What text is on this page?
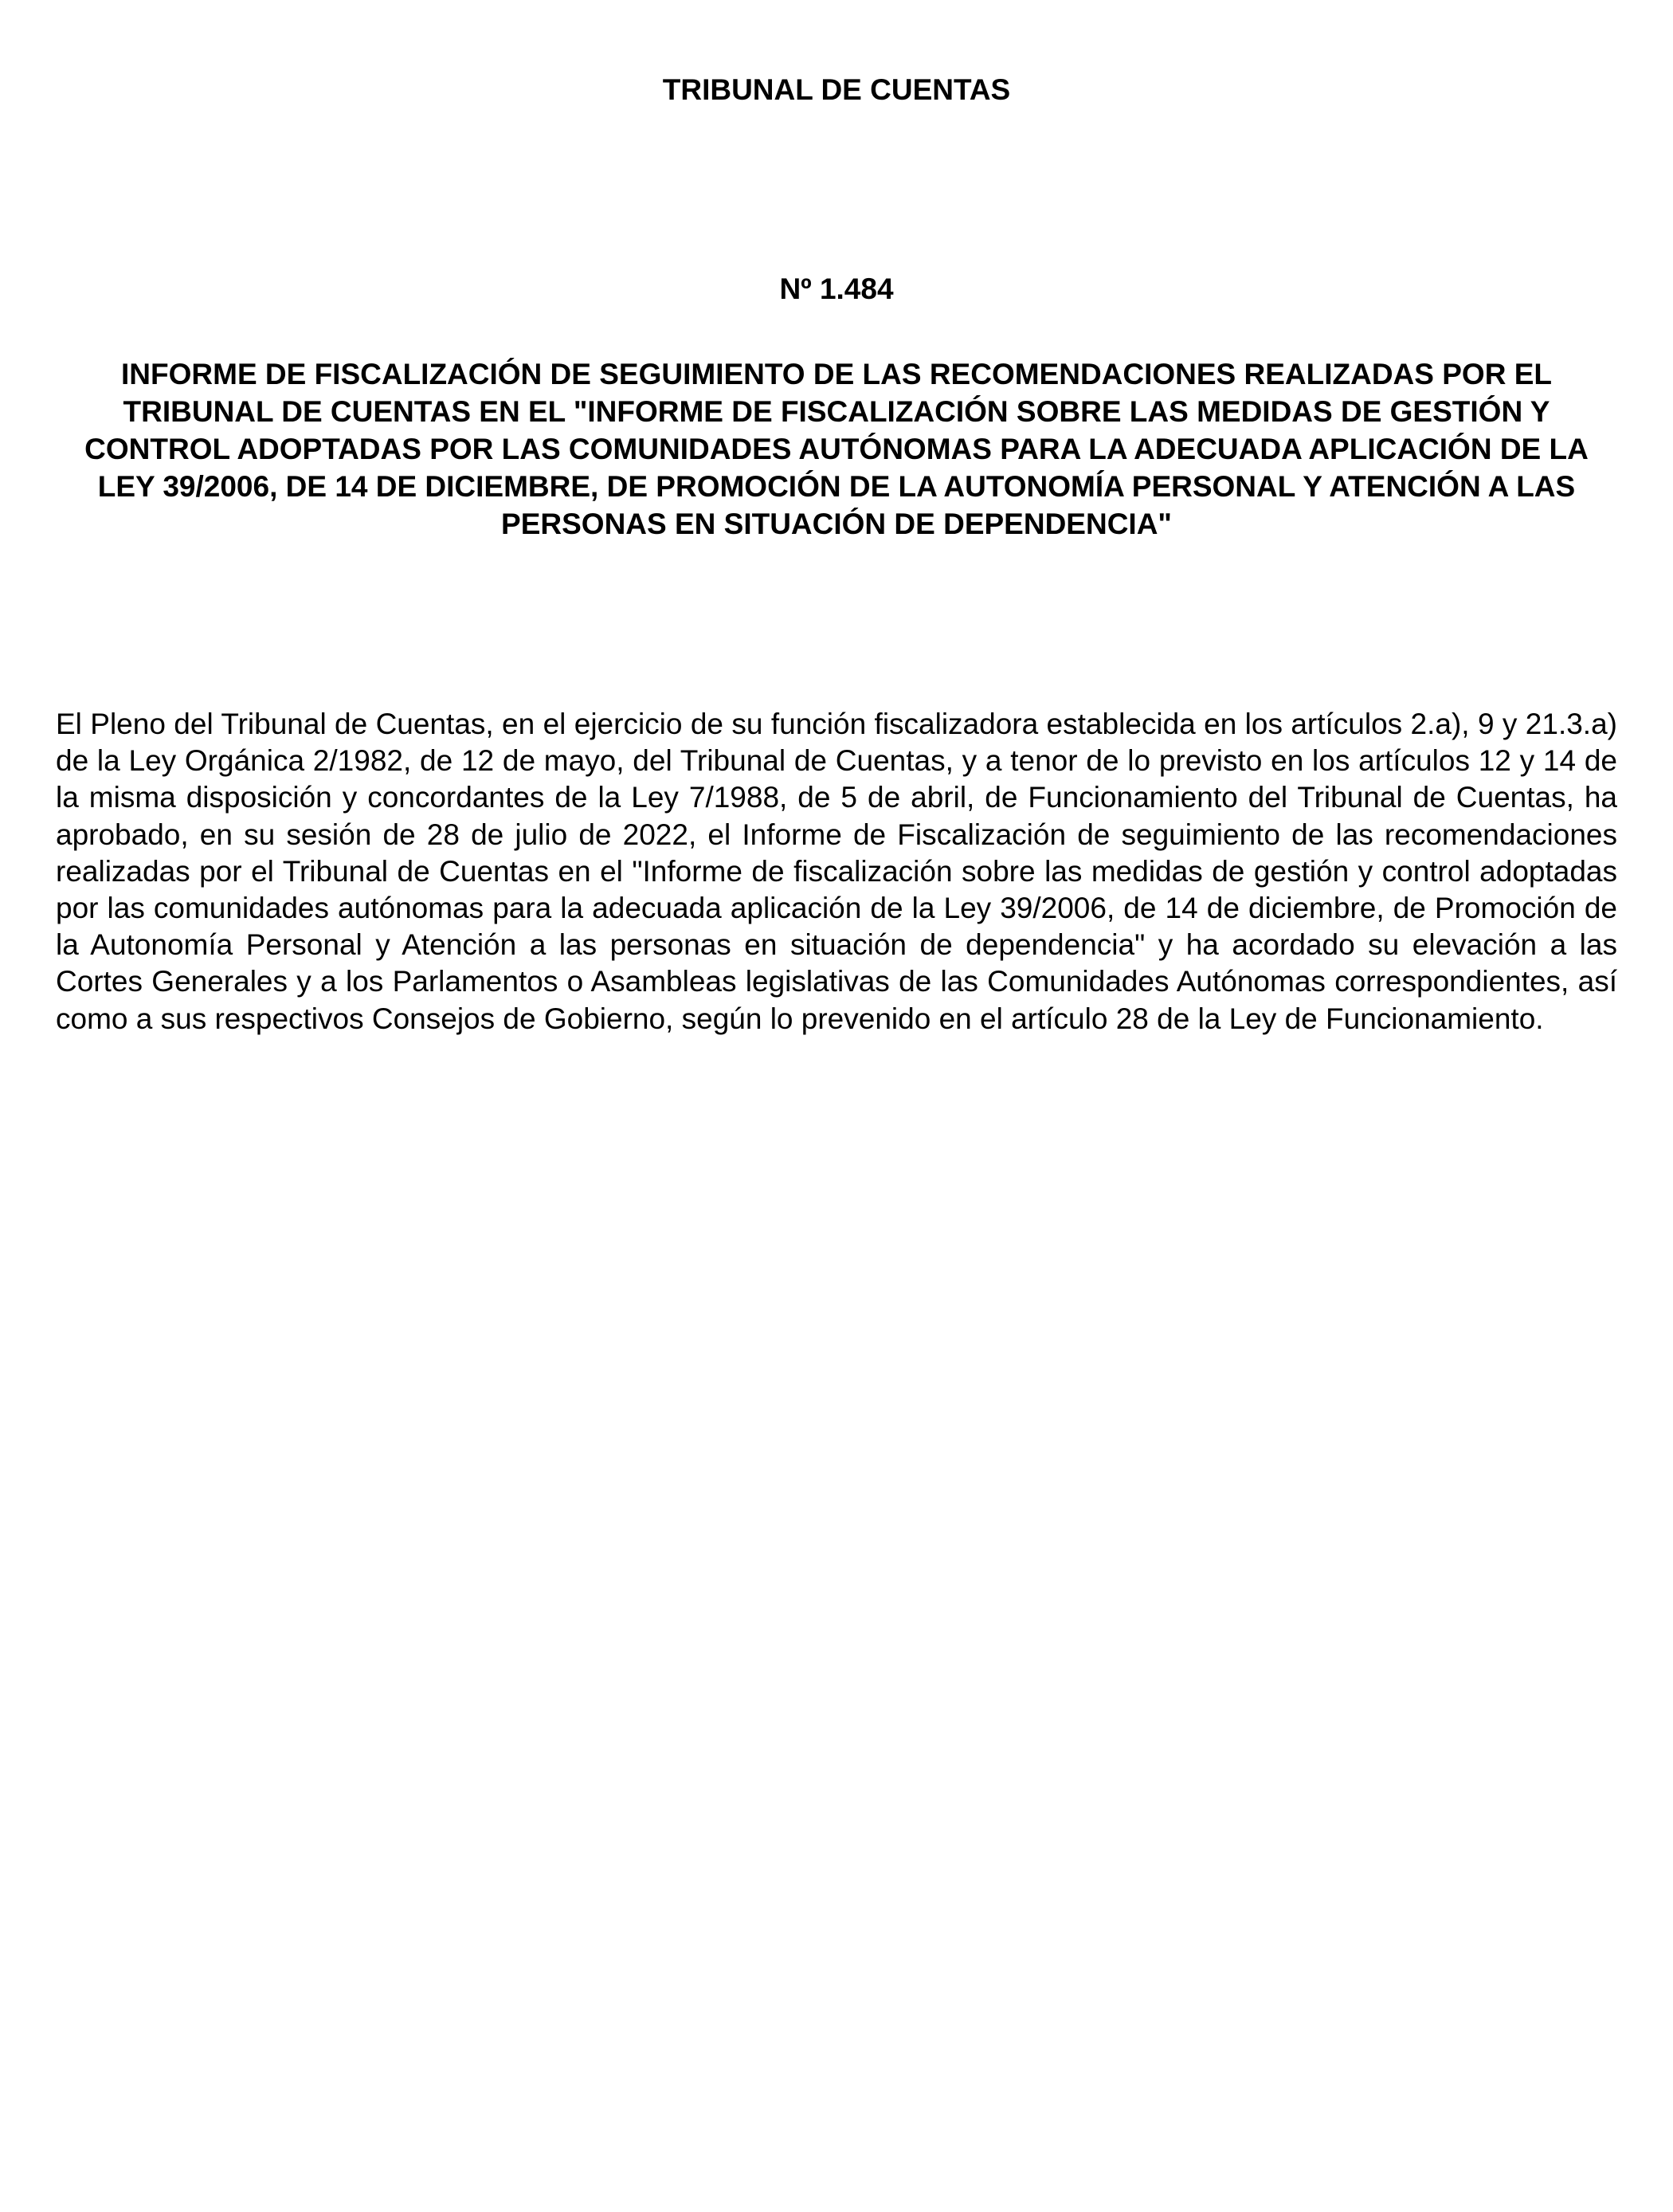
TRIBUNAL DE CUENTAS
Nº 1.484
INFORME DE FISCALIZACIÓN DE SEGUIMIENTO DE LAS RECOMENDACIONES REALIZADAS POR EL TRIBUNAL DE CUENTAS EN EL "INFORME DE FISCALIZACIÓN SOBRE LAS MEDIDAS DE GESTIÓN Y CONTROL ADOPTADAS POR LAS COMUNIDADES AUTÓNOMAS PARA LA ADECUADA APLICACIÓN DE LA LEY 39/2006, DE 14 DE DICIEMBRE, DE PROMOCIÓN DE LA AUTONOMÍA PERSONAL Y ATENCIÓN A LAS PERSONAS EN SITUACIÓN DE DEPENDENCIA"

El Pleno del Tribunal de Cuentas, en el ejercicio de su función fiscalizadora establecida en los artículos 2.a), 9 y 21.3.a) de la Ley Orgánica 2/1982, de 12 de mayo, del Tribunal de Cuentas, y a tenor de lo previsto en los artículos 12 y 14 de la misma disposición y concordantes de la Ley 7/1988, de 5 de abril, de Funcionamiento del Tribunal de Cuentas, ha aprobado, en su sesión de 28 de julio de 2022, el Informe de Fiscalización de seguimiento de las recomendaciones realizadas por el Tribunal de Cuentas en el "Informe de fiscalización sobre las medidas de gestión y control adoptadas por las comunidades autónomas para la adecuada aplicación de la Ley 39/2006, de 14 de diciembre, de Promoción de la Autonomía Personal y Atención a las personas en situación de dependencia" y ha acordado su elevación a las Cortes Generales y a los Parlamentos o Asambleas legislativas de las Comunidades Autónomas correspondientes, así como a sus respectivos Consejos de Gobierno, según lo prevenido en el artículo 28 de la Ley de Funcionamiento.
